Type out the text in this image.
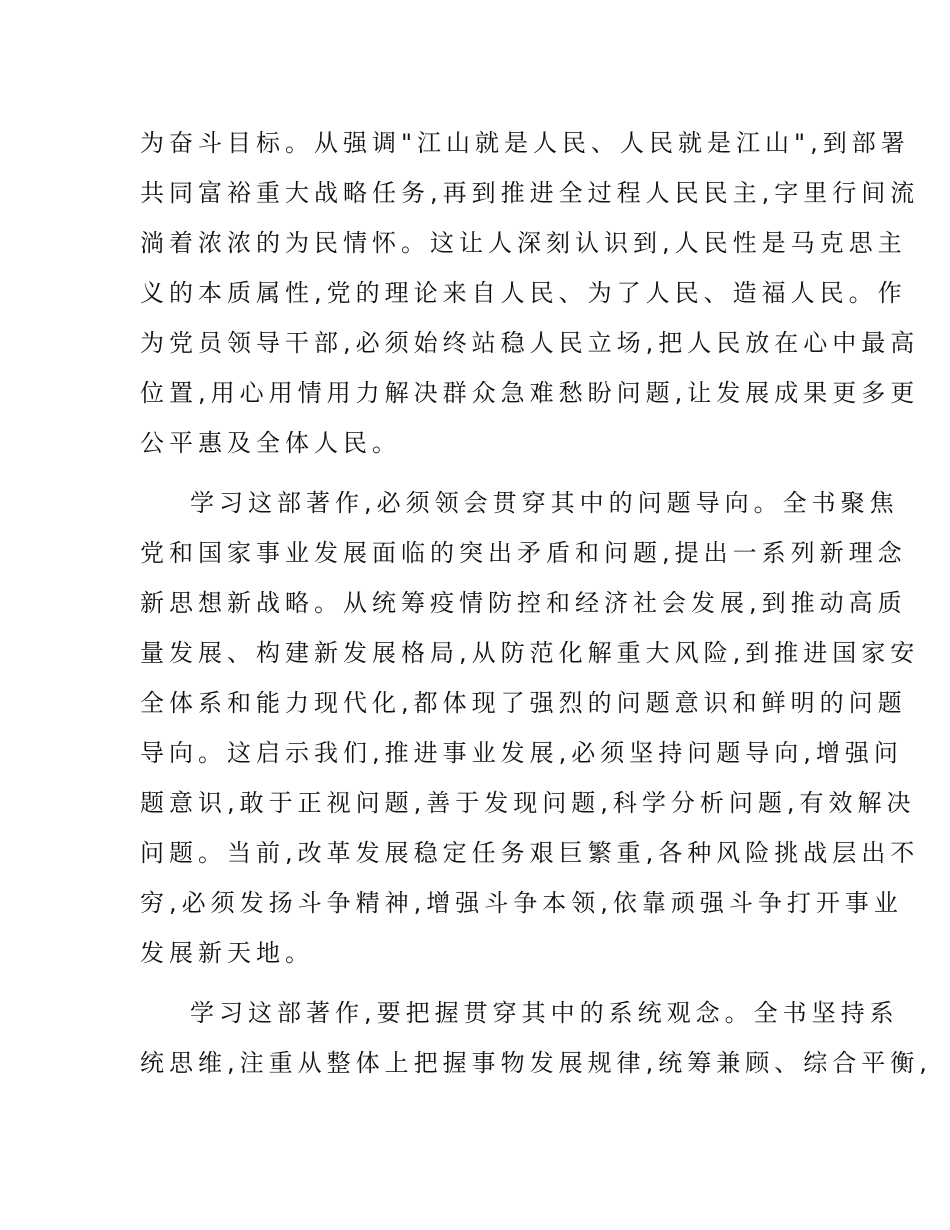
为奋斗目标。从强调"江山就是人民、人民就是江山",到部署
共同富裕重大战略任务,再到推进全过程人民民主,字里行间流
淌着浓浓的为民情怀。这让人深刻认识到,人民性是马克思主
义的本质属性,党的理论来自人民、为了人民、造福人民。作
为党员领导干部,必须始终站稳人民立场,把人民放在心中最高
位置,用心用情用力解决群众急难愁盼问题,让发展成果更多更
公平惠及全体人民。
学习这部著作,必须领会贯穿其中的问题导向。全书聚焦
党和国家事业发展面临的突出矛盾和问题,提出一系列新理念
新思想新战略。从统筹疫情防控和经济社会发展,到推动高质
量发展、构建新发展格局,从防范化解重大风险,到推进国家安
全体系和能力现代化,都体现了强烈的问题意识和鲜明的问题
导向。这启示我们,推进事业发展,必须坚持问题导向,增强问
题意识,敢于正视问题,善于发现问题,科学分析问题,有效解决
问题。当前,改革发展稳定任务艰巨繁重,各种风险挑战层出不
穷,必须发扬斗争精神,增强斗争本领,依靠顽强斗争打开事业
发展新天地。
学习这部著作,要把握贯穿其中的系统观念。全书坚持系
统思维,注重从整体上把握事物发展规律,统筹兼顾、综合平衡,
